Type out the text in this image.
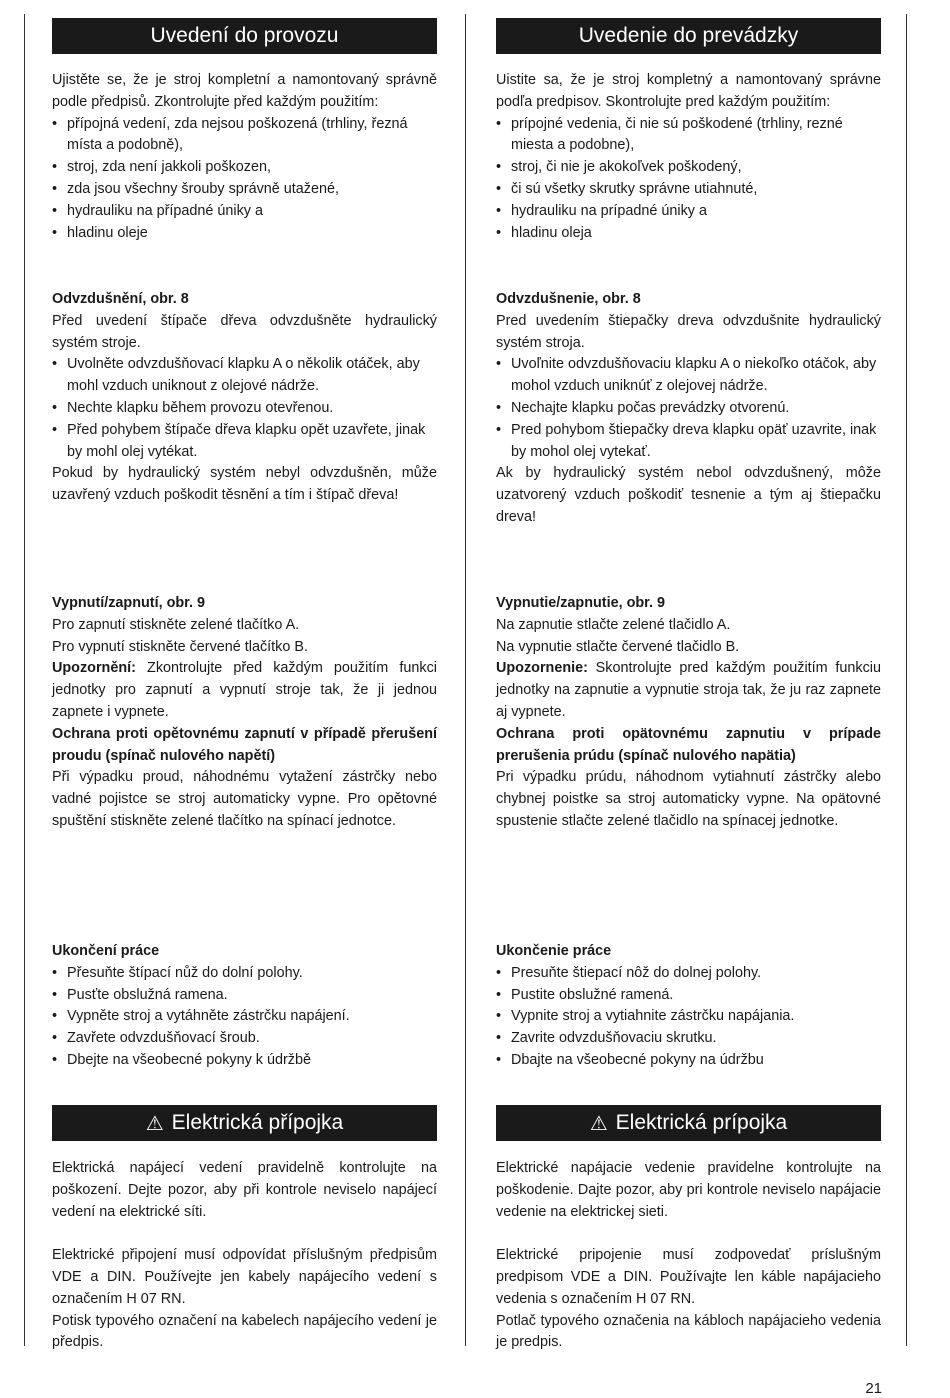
Uvedení do provozu

Ujistěte se, že je stroj kompletní a namontovaný správně podle předpisů. Zkontrolujte před každým použitím:

• přípojná vedení, zda nejsou poškozená (trhliny, řezná místa a podobně),
• stroj, zda není jakkoli poškozen,
• zda jsou všechny šrouby správně utažené,
• hydrauliku na případné úniky a
• hladinu oleje

Odvzdušnění, obr. 8

Před uvedení štípače dřeva odvzdušněte hydraulický systém stroje.

• Uvolněte odvzdušňovací klapku A o několik otáček, aby mohl vzduch uniknout z olejové nádrže.
• Nechte klapku během provozu otevřenou.
• Před pohybem štípače dřeva klapku opět uzavřete, jinak by mohl olej vytékat.

Pokud by hydraulický systém nebyl odvzdušněn, může uzavřený vzduch poškodit těsnění a tím i štípač dřeva!

Vypnutí/zapnutí, obr. 9

Pro zapnutí stiskněte zelené tlačítko A.

Pro vypnutí stiskněte červené tlačítko B.

Upozornění: Zkontrolujte před každým použitím funkci jednotky pro zapnutí a vypnutí stroje tak, že ji jednou zapnete i vypnete.

Ochrana proti opětovnému zapnutí v případě přerušení proudu (spínač nulového napětí)

Při výpadku proud, náhodnému vytažení zástrčky nebo vadné pojistce se stroj automaticky vypne. Pro opětovné spuštění stiskněte zelené tlačítko na spínací jednotce.

Ukončení práce

• Přesuňte štípací nůž do dolní polohy.
• Pusťte obslužná ramena.
• Vypněte stroj a vytáhněte zástrčku napájení.
• Zavřete odvzdušňovací šroub.
• Dbejte na všeobecné pokyny k údržbě
⚠ Elektrická přípojka

Elektrická napájecí vedení pravidelně kontrolujte na poškození. Dejte pozor, aby při kontrole neviselo napájecí vedení na elektrické síti.

Elektrické připojení musí odpovídat příslušným předpisům VDE a DIN. Používejte jen kabely napájecího vedení s označením H 07 RN.

Potisk typového označení na kabelech napájecího vedení je předpis.

Uvedenie do prevádzky

Uistite sa, že je stroj kompletný a namontovaný správne podľa predpisov. Skontrolujte pred každým použitím:

• prípojné vedenia, či nie sú poškodené (trhliny, rezné miesta a podobne),
• stroj, či nie je akokoľvek poškodený,
• či sú všetky skrutky správne utiahnuté,
• hydrauliku na prípadné úniky a
• hladinu oleja

Odvzdušnenie, obr. 8

Pred uvedením štiepačky dreva odvzdušnite hydraulický systém stroja.

• Uvoľnite odvzdušňovaciu klapku A o niekoľko otáčok, aby mohol vzduch uniknúť z olejovej nádrže.
• Nechajte klapku počas prevádzky otvorenú.
• Pred pohybom štiepačky dreva klapku opäť uzavrite, inak by mohol olej vytekať.

Ak by hydraulický systém nebol odvzdušnený, môže uzatvorený vzduch poškodiť tesnenie a tým aj štiepačku dreva!

Vypnutie/zapnutie, obr. 9

Na zapnutie stlačte zelené tlačidlo A.

Na vypnutie stlačte červené tlačidlo B.

Upozornenie: Skontrolujte pred každým použitím funkciu jednotky na zapnutie a vypnutie stroja tak, že ju raz zapnete aj vypnete.

Ochrana proti opätovnému zapnutiu v prípade prerušenia prúdu (spínač nulového napätia)

Pri výpadku prúdu, náhodnom vytiahnutí zástrčky alebo chybnej poistke sa stroj automaticky vypne. Na opätovné spustenie stlačte zelené tlačidlo na spínacej jednotke.

Ukončenie práce

• Presuňte štiepací nôž do dolnej polohy.
• Pustite obslužné ramená.
• Vypnite stroj a vytiahnite zástrčku napájania.
• Zavrite odvzdušňovaciu skrutku.
• Dbajte na všeobecné pokyny na údržbu
⚠ Elektrická prípojka

Elektrické napájacie vedenie pravidelne kontrolujte na poškodenie. Dajte pozor, aby pri kontrole neviselo napájacie vedenie na elektrickej sieti.

Elektrické pripojenie musí zodpovedať príslušným predpisom VDE a DIN. Používajte len káble napájacieho vedenia s označením H 07 RN.

Potlač typového označenia na kábloch napájacieho vedenia je predpis.

21
